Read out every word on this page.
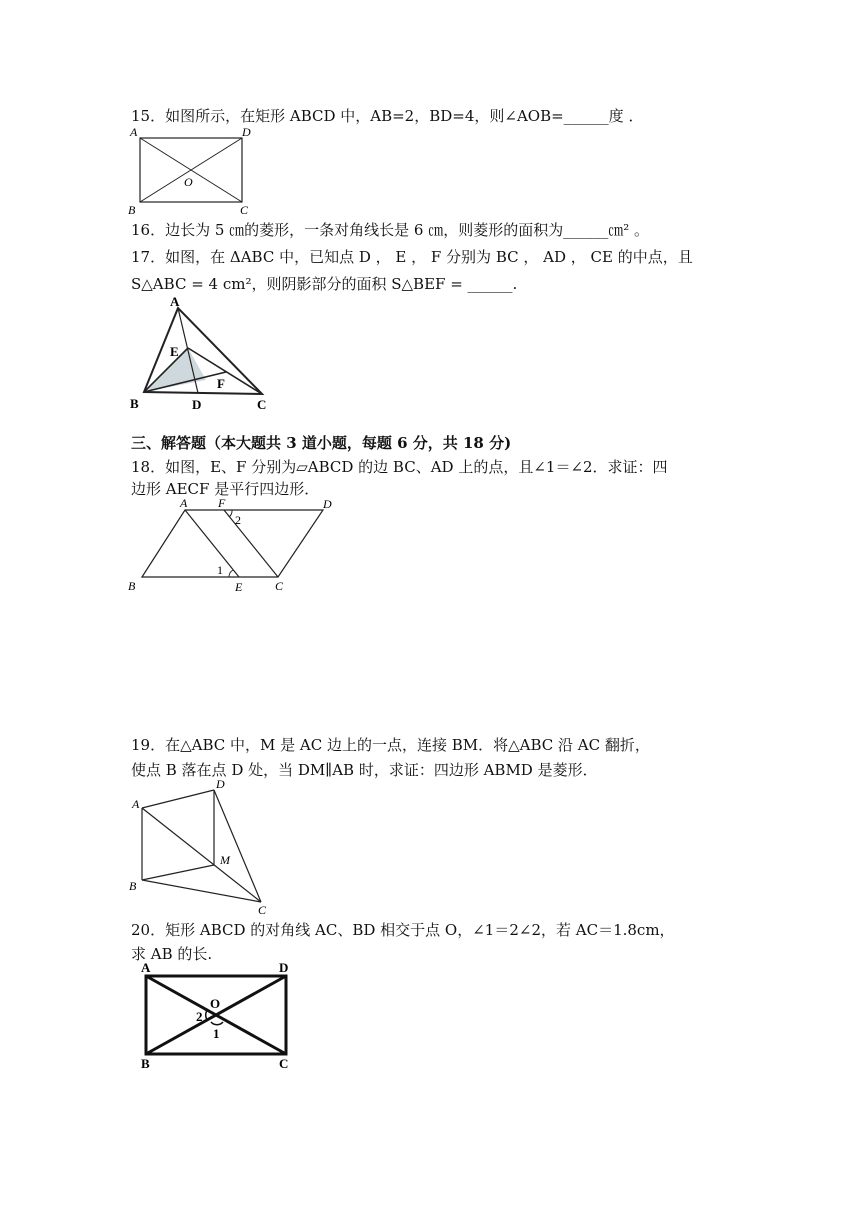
15．如图所示，在矩形 ABCD 中，AB=2，BD=4，则∠AOB=______度 ．
A	D
B	C
O
16．边长为 5 ㎝的菱形，一条对角线长是 6 ㎝，则菱形的面积为______㎝² 。
17．如图，在 ΔABC 中，已知点 D ， E ， F 分别为 BC ， AD ， CE 的中点，且
S△ABC = 4 cm²，则阴影部分的面积 S△BEF = ______.
A
E
F
B	D	C
三、解答题（本大题共 3 道小题，每题 6 分，共 18 分)
18．如图，E、F 分别为▱ABCD 的边 BC、AD 上的点，且∠1＝∠2．求证：四
边形 AECF 是平行四边形．
A	F	D
2
1
B	E	C
19．在△ABC 中，M 是 AC 边上的一点，连接 BM．将△ABC 沿 AC 翻折，
使点 B 落在点 D 处，当 DM∥AB 时，求证：四边形 ABMD 是菱形．
A
D
M
B
C
20．矩形 ABCD 的对角线 AC、BD 相交于点 O，∠1＝2∠2，若 AC＝1.8cm，
求 AB 的长.
A	D
O
2
1
B	C
